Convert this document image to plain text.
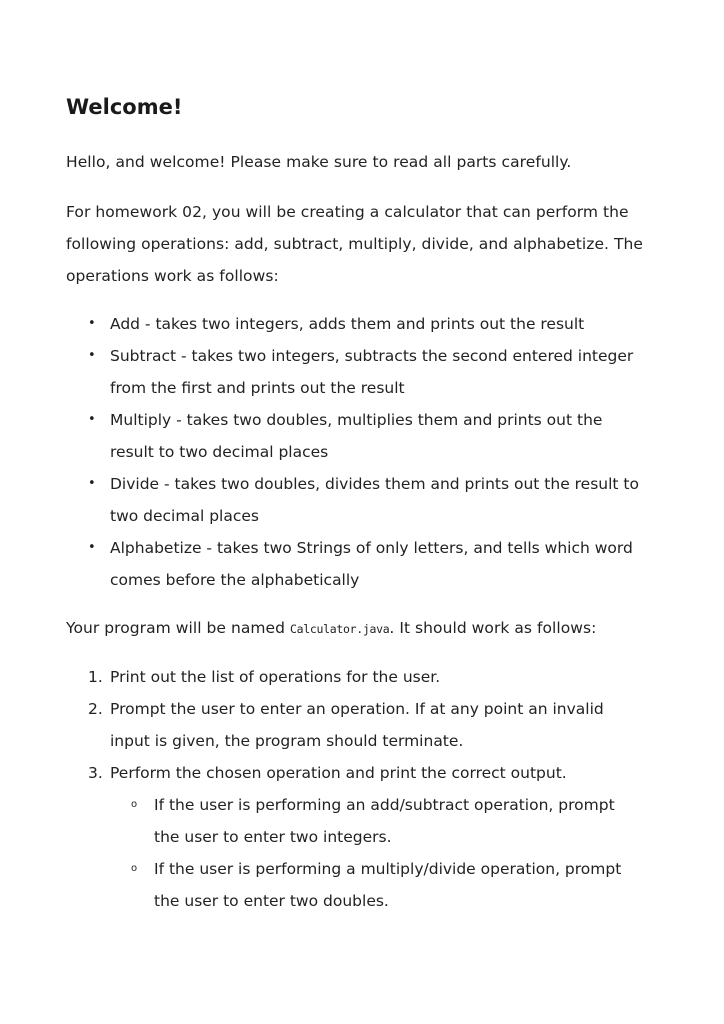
Welcome!

Hello, and welcome! Please make sure to read all parts carefully.

For homework 02, you will be creating a calculator that can perform the
following operations: add, subtract, multiply, divide, and alphabetize. The
operations work as follows:

• Add - takes two integers, adds them and prints out the result
• Subtract - takes two integers, subtracts the second entered integer
from the first and prints out the result
• Multiply - takes two doubles, multiplies them and prints out the
result to two decimal places
• Divide - takes two doubles, divides them and prints out the result to
two decimal places
• Alphabetize - takes two Strings of only letters, and tells which word
comes before the alphabetically

Your program will be named Calculator.java. It should work as follows:

1. Print out the list of operations for the user.
2. Prompt the user to enter an operation. If at any point an invalid
input is given, the program should terminate.
3. Perform the chosen operation and print the correct output.
o If the user is performing an add/subtract operation, prompt
the user to enter two integers.
o If the user is performing a multiply/divide operation, prompt
the user to enter two doubles.
